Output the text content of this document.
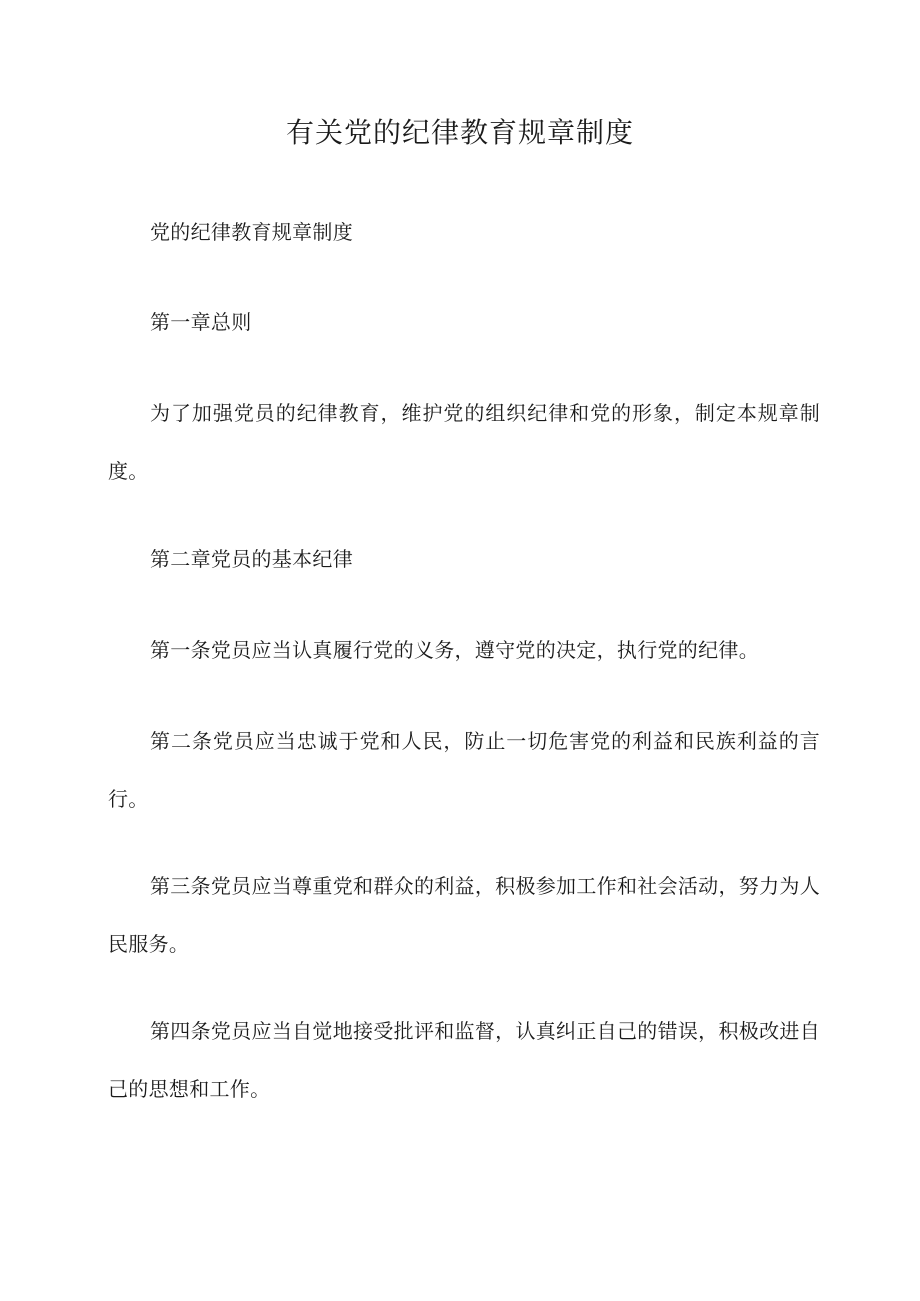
有关党的纪律教育规章制度

党的纪律教育规章制度

第一章总则

为了加强党员的纪律教育，维护党的组织纪律和党的形象，制定本规章制度。

第二章党员的基本纪律

第一条党员应当认真履行党的义务，遵守党的决定，执行党的纪律。

第二条党员应当忠诚于党和人民，防止一切危害党的利益和民族利益的言行。

第三条党员应当尊重党和群众的利益，积极参加工作和社会活动，努力为人民服务。

第四条党员应当自觉地接受批评和监督，认真纠正自己的错误，积极改进自己的思想和工作。
